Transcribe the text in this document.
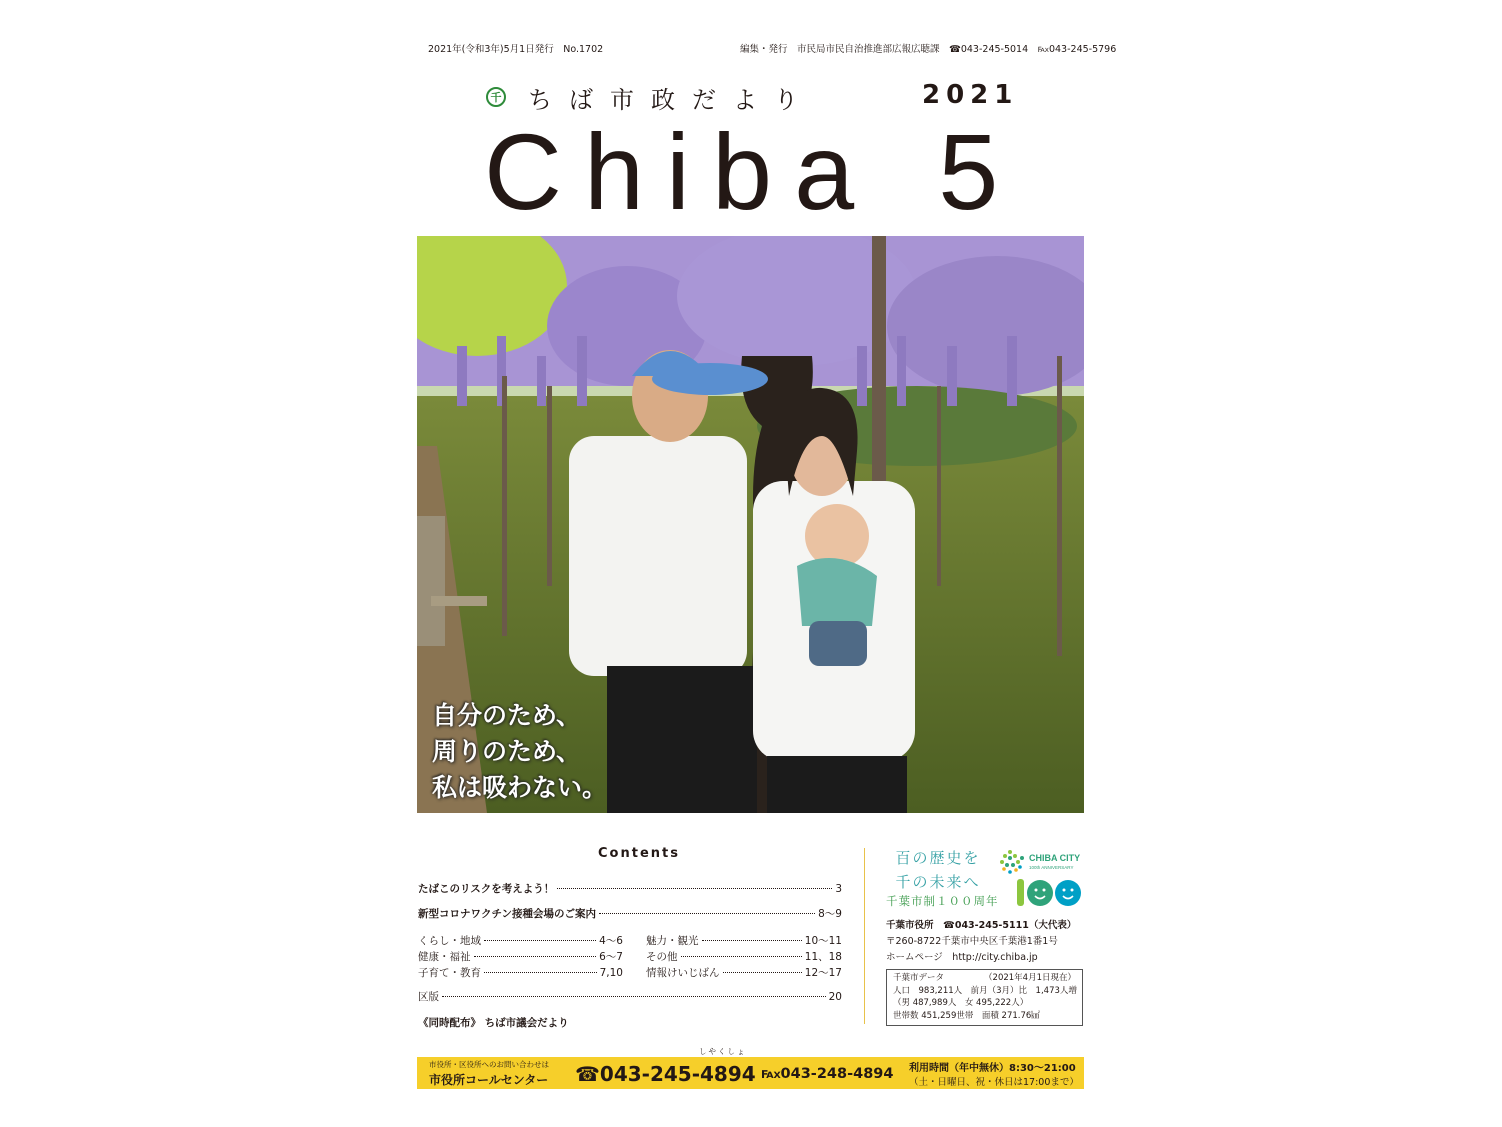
2021年(令和3年)5月1日発行　No.1702	編集・発行　市民局市民自治推進部広報広聴課　☎043-245-5014　℻043-245-5796
千 ちば市政だより	2021
Chiba 5
自分のため、
周りのため、
私は吸わない。
Contents
たばこのリスクを考えよう！	3
新型コロナワクチン接種会場のご案内	8〜9
くらし・地域	4〜6
健康・福祉	6〜7
子育て・教育	7,10
魅力・観光	10〜11
その他	11、18
情報けいじばん	12〜17
区版	20
《同時配布》 ちば市議会だより
百の歴史を
千の未来へ
千葉市制１００周年
CHIBA CITY
100th ANNIVERSARY
千葉市役所　☎043-245-5111（大代表）
〒260-8722千葉市中央区千葉港1番1号
ホームページ　http://city.chiba.jp
千葉市データ	（2021年4月1日現在）
人口　983,211人　前月（3月）比　1,473人増
（男 487,989人　女 495,222人）
世帯数 451,259世帯　面積 271.76㎢
市役所・区役所へのお問い合わせは
市役所コールセンター ☎043-245-4894
しやくしょ
℻043-248-4894 利用時間（年中無休）8:30〜21:00
（土・日曜日、祝・休日は17:00まで）
